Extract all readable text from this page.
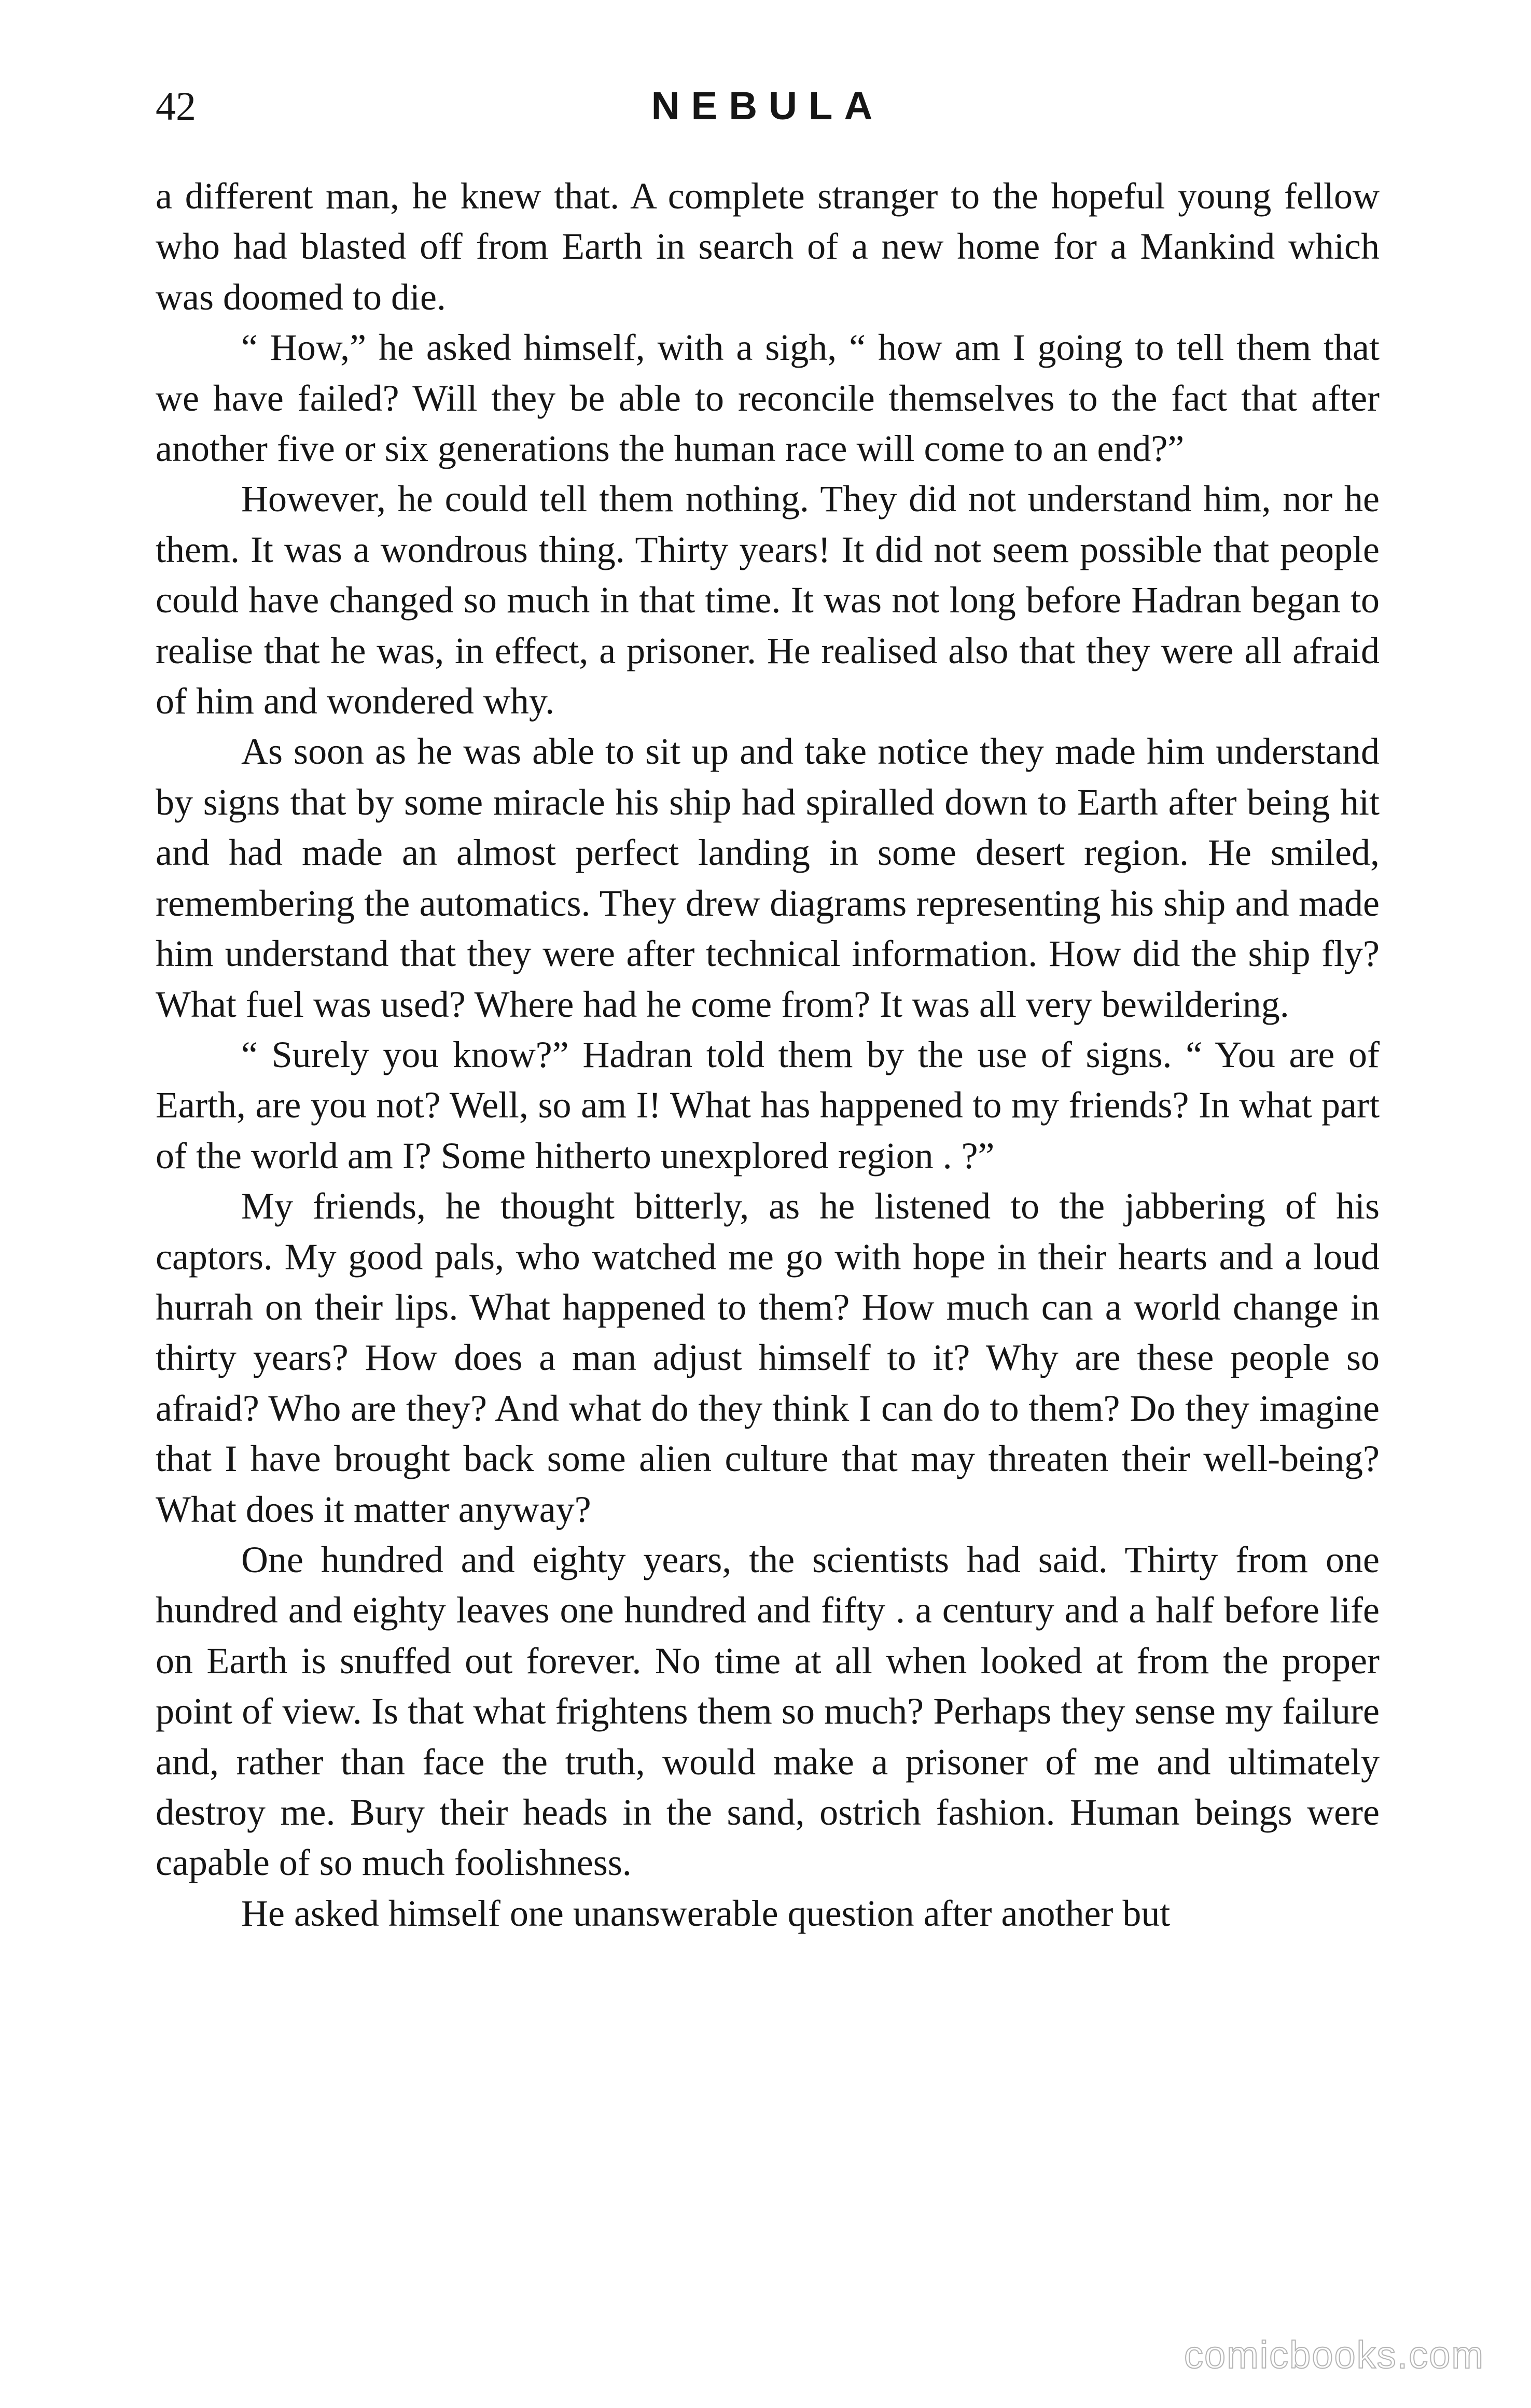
42	NEBULA

a different man, he knew that. A complete stranger to the hopeful young fellow who had blasted off from Earth in search of a new home for a Mankind which was doomed to die.

“ How,” he asked himself, with a sigh, “ how am I going to tell them that we have failed? Will they be able to reconcile themselves to the fact that after another five or six generations the human race will come to an end?”

However, he could tell them nothing. They did not understand him, nor he them. It was a wondrous thing. Thirty years! It did not seem possible that people could have changed so much in that time. It was not long before Hadran began to realise that he was, in effect, a prisoner. He realised also that they were all afraid of him and wondered why.

As soon as he was able to sit up and take notice they made him understand by signs that by some miracle his ship had spiralled down to Earth after being hit and had made an almost perfect landing in some desert region. He smiled, remembering the automatics. They drew diagrams representing his ship and made him understand that they were after technical information. How did the ship fly? What fuel was used? Where had he come from? It was all very bewildering.

“ Surely you know?” Hadran told them by the use of signs. “ You are of Earth, are you not? Well, so am I! What has happened to my friends? In what part of the world am I? Some hitherto unexplored region . ?”

My friends, he thought bitterly, as he listened to the jabbering of his captors. My good pals, who watched me go with hope in their hearts and a loud hurrah on their lips. What happened to them? How much can a world change in thirty years? How does a man adjust himself to it? Why are these people so afraid? Who are they? And what do they think I can do to them? Do they imagine that I have brought back some alien culture that may threaten their well-being? What does it matter anyway?

One hundred and eighty years, the scientists had said. Thirty from one hundred and eighty leaves one hundred and fifty . a century and a half before life on Earth is snuffed out forever. No time at all when looked at from the proper point of view. Is that what frightens them so much? Perhaps they sense my failure and, rather than face the truth, would make a prisoner of me and ultimately destroy me. Bury their heads in the sand, ostrich fashion. Human beings were capable of so much foolishness.

He asked himself one unanswerable question after another but

comicbooks.com
